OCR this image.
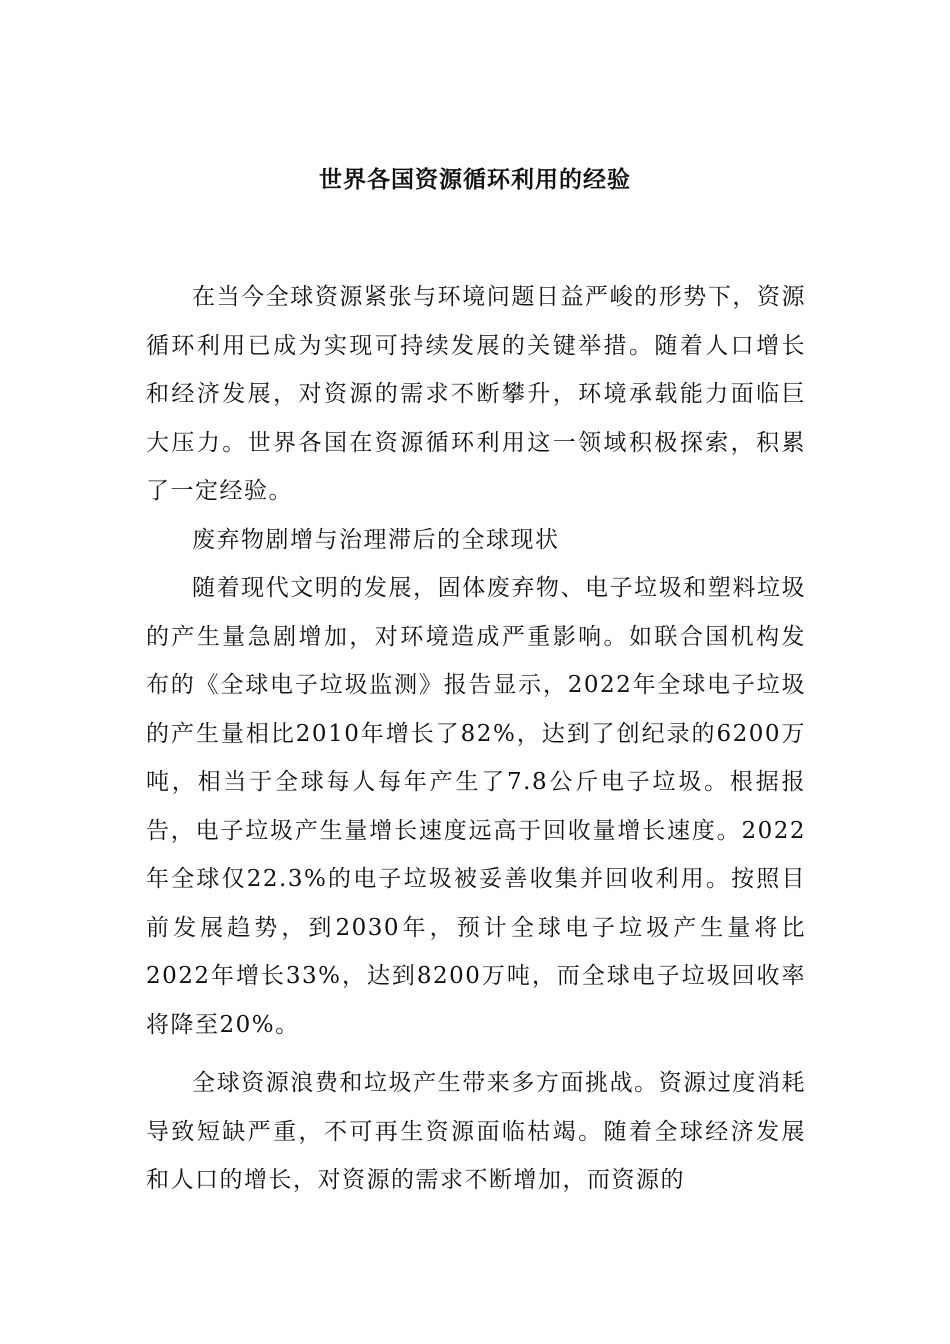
世界各国资源循环利用的经验

在当今全球资源紧张与环境问题日益严峻的形势下，资源循环利用已成为实现可持续发展的关键举措。随着人口增长和经济发展，对资源的需求不断攀升，环境承载能力面临巨大压力。世界各国在资源循环利用这一领域积极探索，积累了一定经验。

废弃物剧增与治理滞后的全球现状

随着现代文明的发展，固体废弃物、电子垃圾和塑料垃圾的产生量急剧增加，对环境造成严重影响。如联合国机构发布的《全球电子垃圾监测》报告显示，2022年全球电子垃圾的产生量相比2010年增长了82%，达到了创纪录的6200万吨，相当于全球每人每年产生了7.8公斤电子垃圾。根据报告，电子垃圾产生量增长速度远高于回收量增长速度。2022年全球仅22.3%的电子垃圾被妥善收集并回收利用。按照目前发展趋势，到2030年，预计全球电子垃圾产生量将比2022年增长33%，达到8200万吨，而全球电子垃圾回收率将降至20%。

全球资源浪费和垃圾产生带来多方面挑战。资源过度消耗导致短缺严重，不可再生资源面临枯竭。随着全球经济发展和人口的增长，对资源的需求不断增加，而资源的
